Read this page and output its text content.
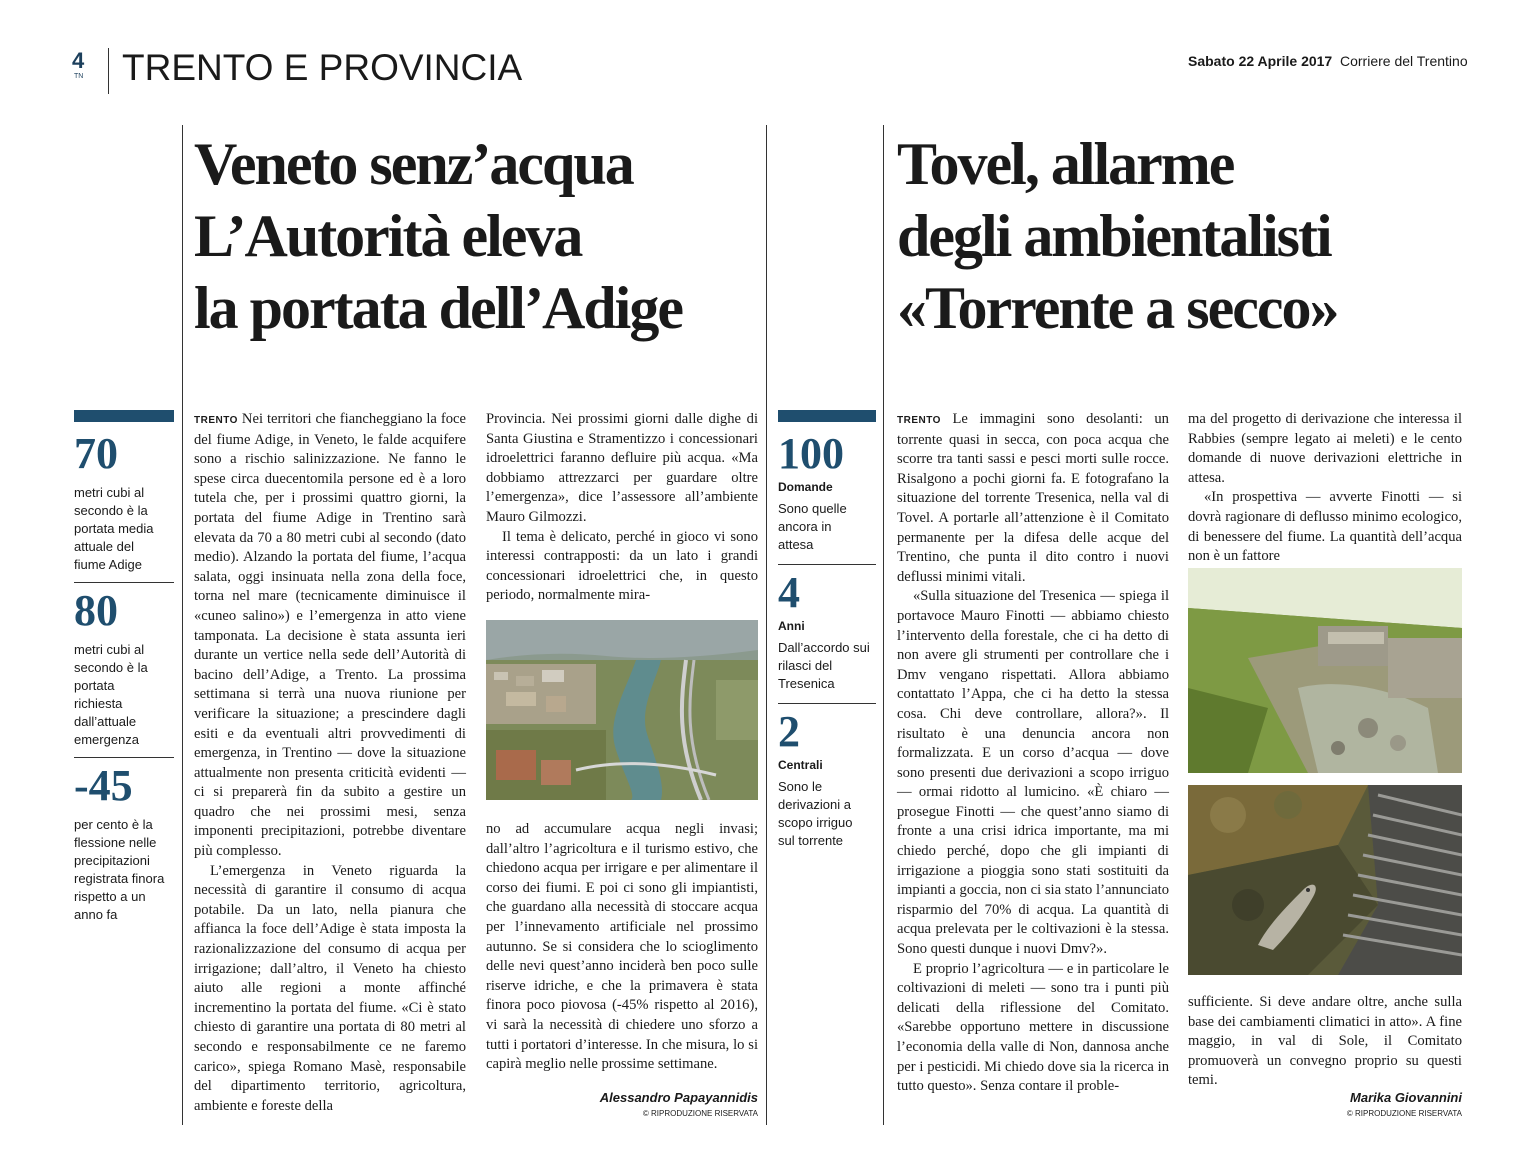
4
TN TRENTO E PROVINCIA	Sabato 22 Aprile 2017 Corriere del Trentino
Veneto senz’acqua
L’Autorità eleva
la portata dell’Adige
70
metri cubi al secondo è la portata media attuale del fiume Adige
80
metri cubi al secondo è la portata richiesta dall’attuale emergenza
-45
per cento è la flessione nelle precipitazioni registrata finora rispetto a un anno fa

TRENTO Nei territori che fiancheggiano la foce del fiume Adige, in Veneto, le falde acquifere sono a rischio salinizzazione. Ne fanno le spese circa duecentomila persone ed è a loro tutela che, per i prossimi quattro giorni, la portata del fiume Adige in Trentino sarà elevata da 70 a 80 metri cubi al secondo (dato medio). Alzando la portata del fiume, l’acqua salata, oggi insinuata nella zona della foce, torna nel mare (tecnicamente diminuisce il «cuneo salino») e l’emergenza in atto viene tamponata. La decisione è stata assunta ieri durante un vertice nella sede dell’Autorità di bacino dell’Adige, a Trento. La prossima settimana si terrà una nuova riunione per verificare la situazione; a prescindere dagli esiti e da eventuali altri provvedimenti di emergenza, in Trentino — dove la situazione attualmente non presenta criticità evidenti — ci si preparerà fin da subito a gestire un quadro che nei prossimi mesi, senza imponenti precipitazioni, potrebbe diventare più complesso.

L’emergenza in Veneto riguarda la necessità di garantire il consumo di acqua potabile. Da un lato, nella pianura che affianca la foce dell’Adige è stata imposta la razionalizzazione del consumo di acqua per irrigazione; dall’altro, il Veneto ha chiesto aiuto alle regioni a monte affinché incrementino la portata del fiume. «Ci è stato chiesto di garantire una portata di 80 metri al secondo e responsabilmente ce ne faremo carico», spiega Romano Masè, responsabile del dipartimento territorio, agricoltura, ambiente e foreste della

Provincia. Nei prossimi giorni dalle dighe di Santa Giustina e Stramentizzo i concessionari idroelettrici faranno defluire più acqua. «Ma dobbiamo attrezzarci per guardare oltre l’emergenza», dice l’assessore all’ambiente Mauro Gilmozzi.

Il tema è delicato, perché in gioco vi sono interessi contrapposti: da un lato i grandi concessionari idroelettrici che, in questo periodo, normalmente mira-

no ad accumulare acqua negli invasi; dall’altro l’agricoltura e il turismo estivo, che chiedono acqua per irrigare e per alimentare il corso dei fiumi. E poi ci sono gli impiantisti, che guardano alla necessità di stoccare acqua per l’innevamento artificiale nel prossimo autunno. Se si considera che lo scioglimento delle nevi quest’anno inciderà ben poco sulle riserve idriche, e che la primavera è stata finora poco piovosa (-45% rispetto al 2016), vi sarà la necessità di chiedere uno sforzo a tutti i portatori d’interesse. In che misura, lo si capirà meglio nelle prossime settimane.

Alessandro Papayannidis
© RIPRODUZIONE RISERVATA
100
Domande
Sono quelle ancora in attesa
4
Anni
Dall’accordo sui rilasci del Tresenica
2
Centrali
Sono le derivazioni a scopo irriguo sul torrente
Tovel, allarme
degli ambientalisti
«Torrente a secco»

TRENTO Le immagini sono desolanti: un torrente quasi in secca, con poca acqua che scorre tra tanti sassi e pesci morti sulle rocce. Risalgono a pochi giorni fa. E fotografano la situazione del torrente Tresenica, nella val di Tovel. A portarle all’attenzione è il Comitato permanente per la difesa delle acque del Trentino, che punta il dito contro i nuovi deflussi minimi vitali.

«Sulla situazione del Tresenica — spiega il portavoce Mauro Finotti — abbiamo chiesto l’intervento della forestale, che ci ha detto di non avere gli strumenti per controllare che i Dmv vengano rispettati. Allora abbiamo contattato l’Appa, che ci ha detto la stessa cosa. Chi deve controllare, allora?». Il risultato è una denuncia ancora non formalizzata. E un corso d’acqua — dove sono presenti due derivazioni a scopo irriguo — ormai ridotto al lumicino. «È chiaro — prosegue Finotti — che quest’anno siamo di fronte a una crisi idrica importante, ma mi chiedo perché, dopo che gli impianti di irrigazione a pioggia sono stati sostituiti da impianti a goccia, non ci sia stato l’annunciato risparmio del 70% di acqua. La quantità di acqua prelevata per le coltivazioni è la stessa. Sono questi dunque i nuovi Dmv?».

E proprio l’agricoltura — e in particolare le coltivazioni di meleti — sono tra i punti più delicati della riflessione del Comitato. «Sarebbe opportuno mettere in discussione l’economia della valle di Non, dannosa anche per i pesticidi. Mi chiedo dove sia la ricerca in tutto questo». Senza contare il proble-

ma del progetto di derivazione che interessa il Rabbies (sempre legato ai meleti) e le cento domande di nuove derivazioni elettriche in attesa.

«In prospettiva — avverte Finotti — si dovrà ragionare di deflusso minimo ecologico, di benessere del fiume. La quantità dell’acqua non è un fattore

sufficiente. Si deve andare oltre, anche sulla base dei cambiamenti climatici in atto». A fine maggio, in val di Sole, il Comitato promuoverà un convegno proprio su questi temi.

Marika Giovannini
© RIPRODUZIONE RISERVATA
